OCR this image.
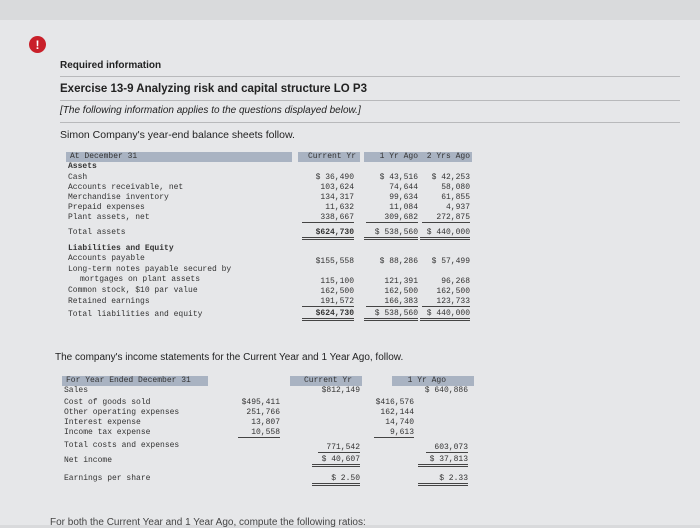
!
Required information
Exercise 13-9 Analyzing risk and capital structure LO P3
[The following information applies to the questions displayed below.]
Simon Company's year-end balance sheets follow.
At December 31	Current Yr	1 Yr Ago	2 Yrs Ago
Assets
Cash	$ 36,490	$ 43,516	$ 42,253
Accounts receivable, net	103,624	74,644	58,080
Merchandise inventory	134,317	99,634	61,855
Prepaid expenses	11,632	11,084	4,937
Plant assets, net	338,667	309,682	272,875
Total assets	$624,730	$ 538,560	$ 440,000
Liabilities and Equity
Accounts payable	$155,558	$ 88,286	$ 57,499
Long-term notes payable secured by
mortgages on plant assets	115,100	121,391	96,268
Common stock, $10 par value	162,500	162,500	162,500
Retained earnings	191,572	166,383	123,733
Total liabilities and equity	$624,730	$ 538,560	$ 440,000
The company's income statements for the Current Year and 1 Year Ago, follow.
For Year Ended December 31	Current Yr	1 Yr Ago
Sales	$812,149	$ 640,886
Cost of goods sold	$495,411	$416,576
Other operating expenses	251,766	162,144
Interest expense	13,807	14,740
Income tax expense	10,558	9,613
Total costs and expenses	771,542	603,073
Net income	$ 40,607	$ 37,813
Earnings per share	$ 2.50	$ 2.33
For both the Current Year and 1 Year Ago, compute the following ratios:
